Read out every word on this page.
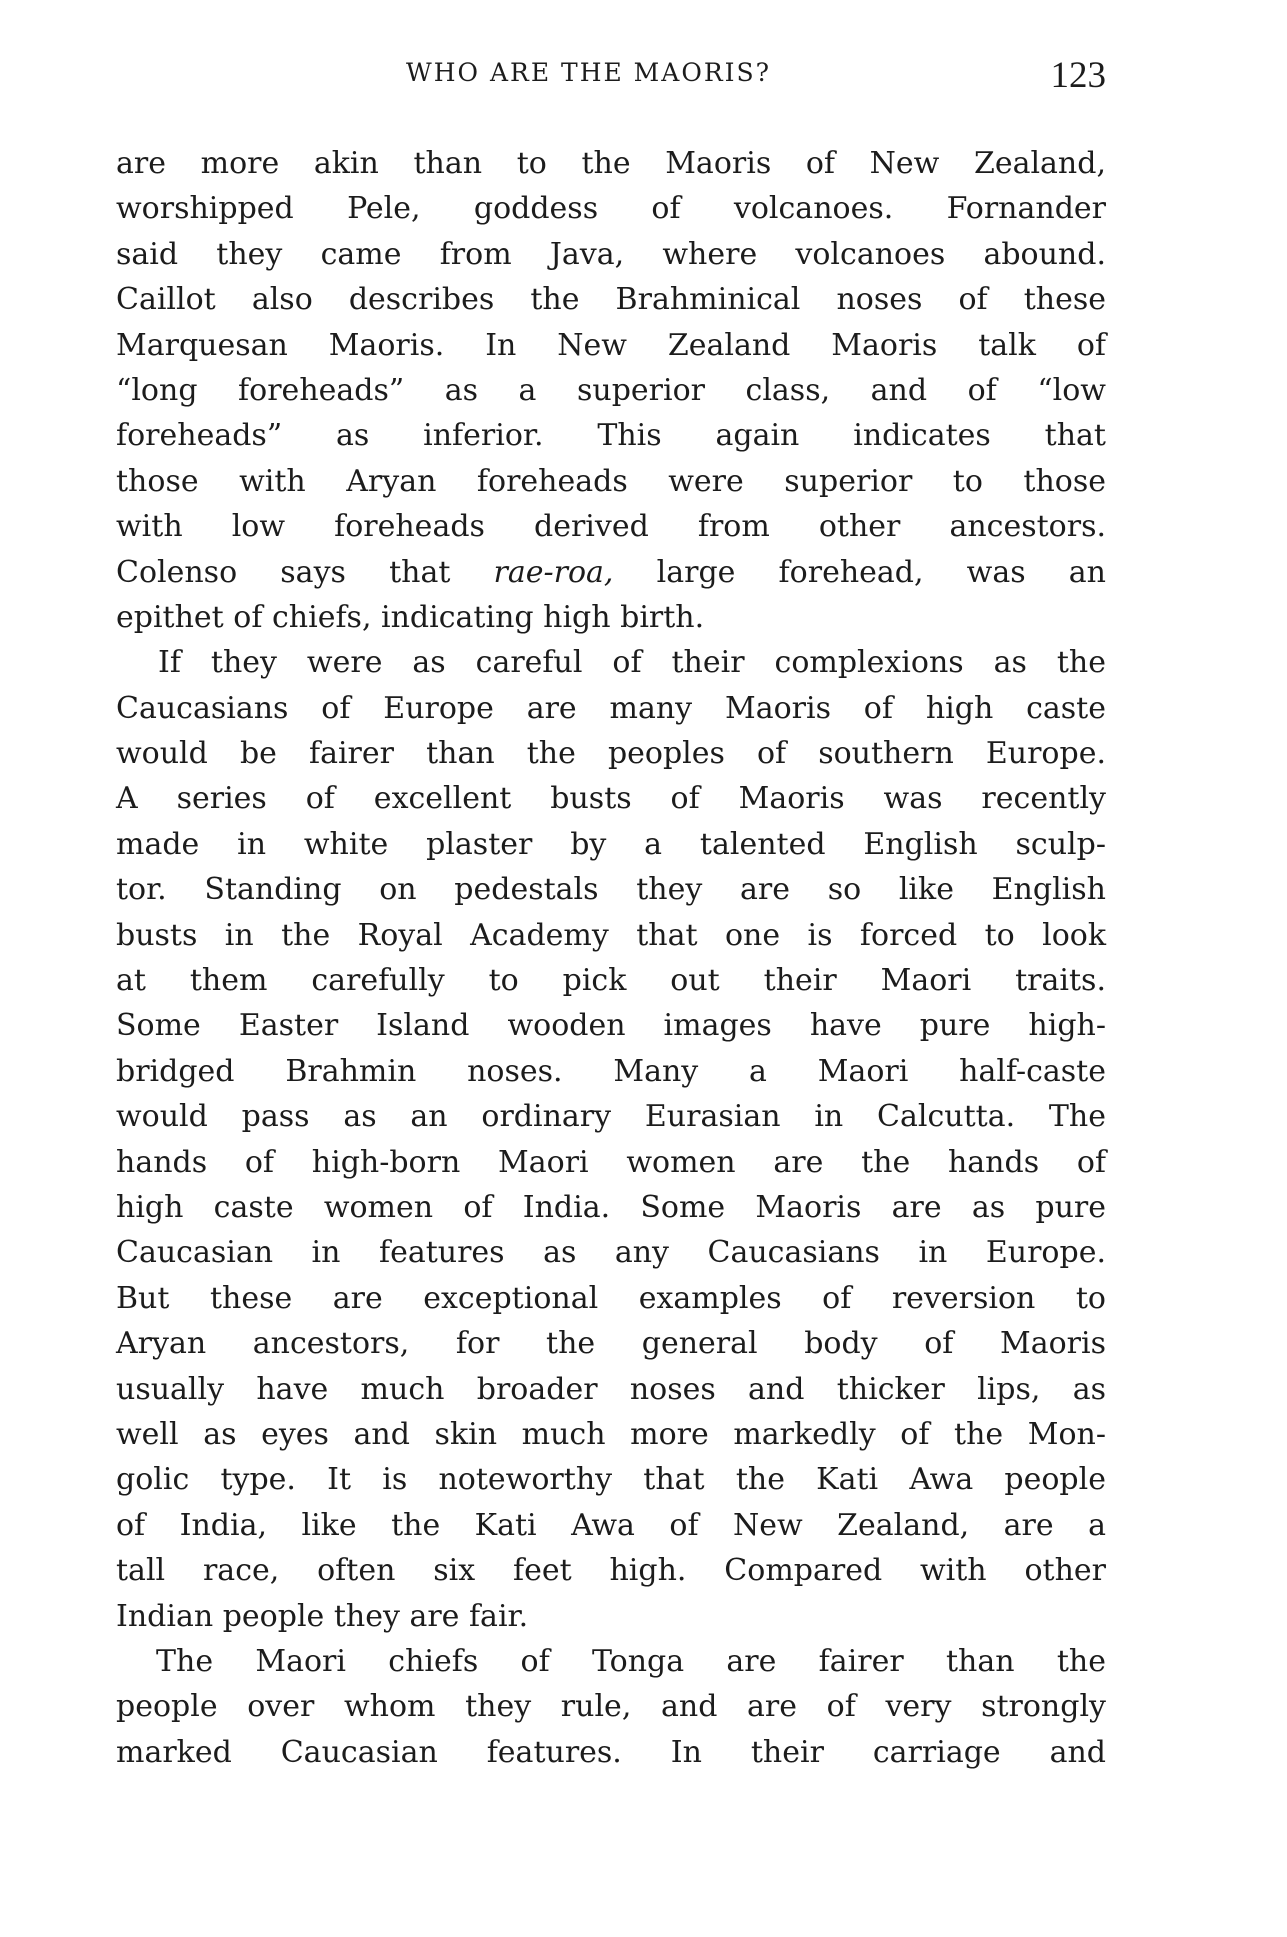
WHO ARE THE MAORIS?	123

are more akin than to the Maoris of New Zealand,
worshipped Pele, goddess of volcanoes. Fornander
said they came from Java, where volcanoes abound.
Caillot also describes the Brahminical noses of these
Marquesan Maoris. In New Zealand Maoris talk of
“long foreheads” as a superior class, and of “low
foreheads” as inferior. This again indicates that
those with Aryan foreheads were superior to those
with low foreheads derived from other ancestors.
Colenso says that rae-roa, large forehead, was an
epithet of chiefs, indicating high birth.

If they were as careful of their complexions as the
Caucasians of Europe are many Maoris of high caste
would be fairer than the peoples of southern Europe.
A series of excellent busts of Maoris was recently
made in white plaster by a talented English sculp-
tor. Standing on pedestals they are so like English
busts in the Royal Academy that one is forced to look
at them carefully to pick out their Maori traits.
Some Easter Island wooden images have pure high-
bridged Brahmin noses. Many a Maori half-caste
would pass as an ordinary Eurasian in Calcutta. The
hands of high-born Maori women are the hands of
high caste women of India. Some Maoris are as pure
Caucasian in features as any Caucasians in Europe.
But these are exceptional examples of reversion to
Aryan ancestors, for the general body of Maoris
usually have much broader noses and thicker lips, as
well as eyes and skin much more markedly of the Mon-
golic type. It is noteworthy that the Kati Awa people
of India, like the Kati Awa of New Zealand, are a
tall race, often six feet high. Compared with other
Indian people they are fair.

The Maori chiefs of Tonga are fairer than the
people over whom they rule, and are of very strongly
marked Caucasian features. In their carriage and
